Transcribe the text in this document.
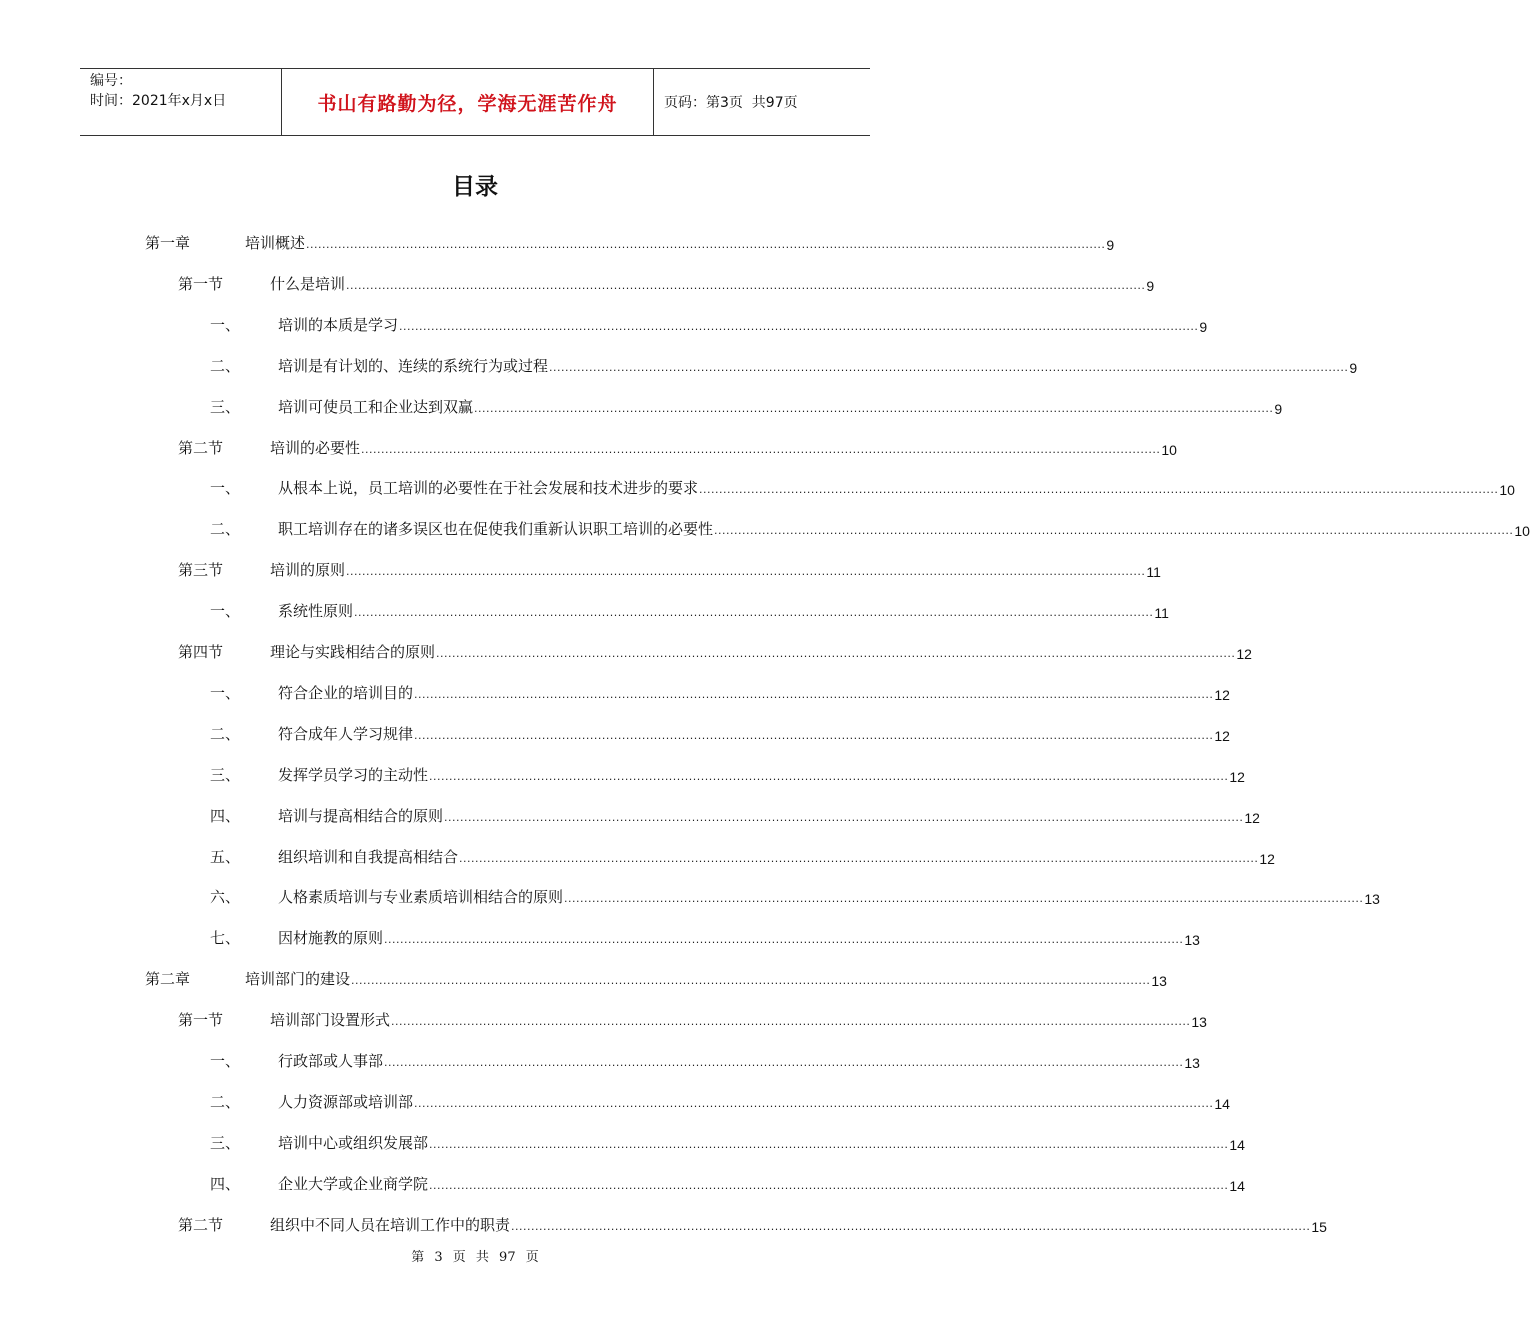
编号：
时间：2021年x月x日	书山有路勤为径，学海无涯苦作舟	页码：第3页  共97页
目录
第一章	培训概述 ........................................................................................................................................................................................................ 9
第一节	什么是培训 ........................................................................................................................................................................................................ 9
一、	培训的本质是学习 ........................................................................................................................................................................................................ 9
二、	培训是有计划的、连续的系统行为或过程 ........................................................................................................................................................................................................ 9
三、	培训可使员工和企业达到双赢 ........................................................................................................................................................................................................ 9
第二节	培训的必要性 ........................................................................................................................................................................................................ 10
一、	从根本上说，员工培训的必要性在于社会发展和技术进步的要求 ........................................................................................................................................................................................................ 10
二、	职工培训存在的诸多误区也在促使我们重新认识职工培训的必要性 ........................................................................................................................................................................................................ 10
第三节	培训的原则 ........................................................................................................................................................................................................ 11
一、	系统性原则 ........................................................................................................................................................................................................ 11
第四节	理论与实践相结合的原则 ........................................................................................................................................................................................................ 12
一、	符合企业的培训目的 ........................................................................................................................................................................................................ 12
二、	符合成年人学习规律 ........................................................................................................................................................................................................ 12
三、	发挥学员学习的主动性 ........................................................................................................................................................................................................ 12
四、	培训与提高相结合的原则 ........................................................................................................................................................................................................ 12
五、	组织培训和自我提高相结合 ........................................................................................................................................................................................................ 12
六、	人格素质培训与专业素质培训相结合的原则 ........................................................................................................................................................................................................ 13
七、	因材施教的原则 ........................................................................................................................................................................................................ 13
第二章	培训部门的建设 ........................................................................................................................................................................................................ 13
第一节	培训部门设置形式 ........................................................................................................................................................................................................ 13
一、	行政部或人事部 ........................................................................................................................................................................................................ 13
二、	人力资源部或培训部 ........................................................................................................................................................................................................ 14
三、	培训中心或组织发展部 ........................................................................................................................................................................................................ 14
四、	企业大学或企业商学院 ........................................................................................................................................................................................................ 14
第二节	组织中不同人员在培训工作中的职责 ........................................................................................................................................................................................................ 15
第 3 页 共 97 页
